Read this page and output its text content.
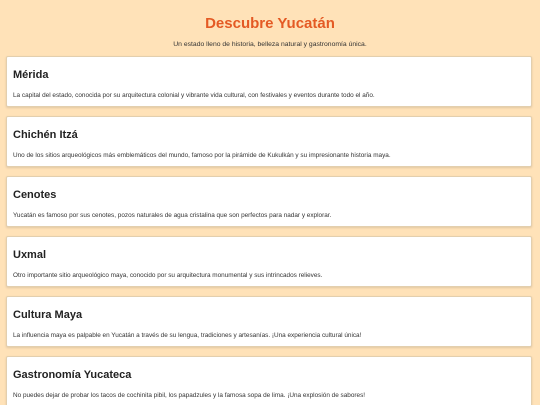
Descubre Yucatán

Un estado lleno de historia, belleza natural y gastronomía única.

Mérida

La capital del estado, conocida por su arquitectura colonial y vibrante vida cultural, con festivales y eventos durante todo el año.

Chichén Itzá

Uno de los sitios arqueológicos más emblemáticos del mundo, famoso por la pirámide de Kukulkán y su impresionante historia maya.

Cenotes

Yucatán es famoso por sus cenotes, pozos naturales de agua cristalina que son perfectos para nadar y explorar.

Uxmal

Otro importante sitio arqueológico maya, conocido por su arquitectura monumental y sus intrincados relieves.

Cultura Maya

La influencia maya es palpable en Yucatán a través de su lengua, tradiciones y artesanías. ¡Una experiencia cultural única!

Gastronomía Yucateca

No puedes dejar de probar los tacos de cochinita pibil, los papadzules y la famosa sopa de lima. ¡Una explosión de sabores!
